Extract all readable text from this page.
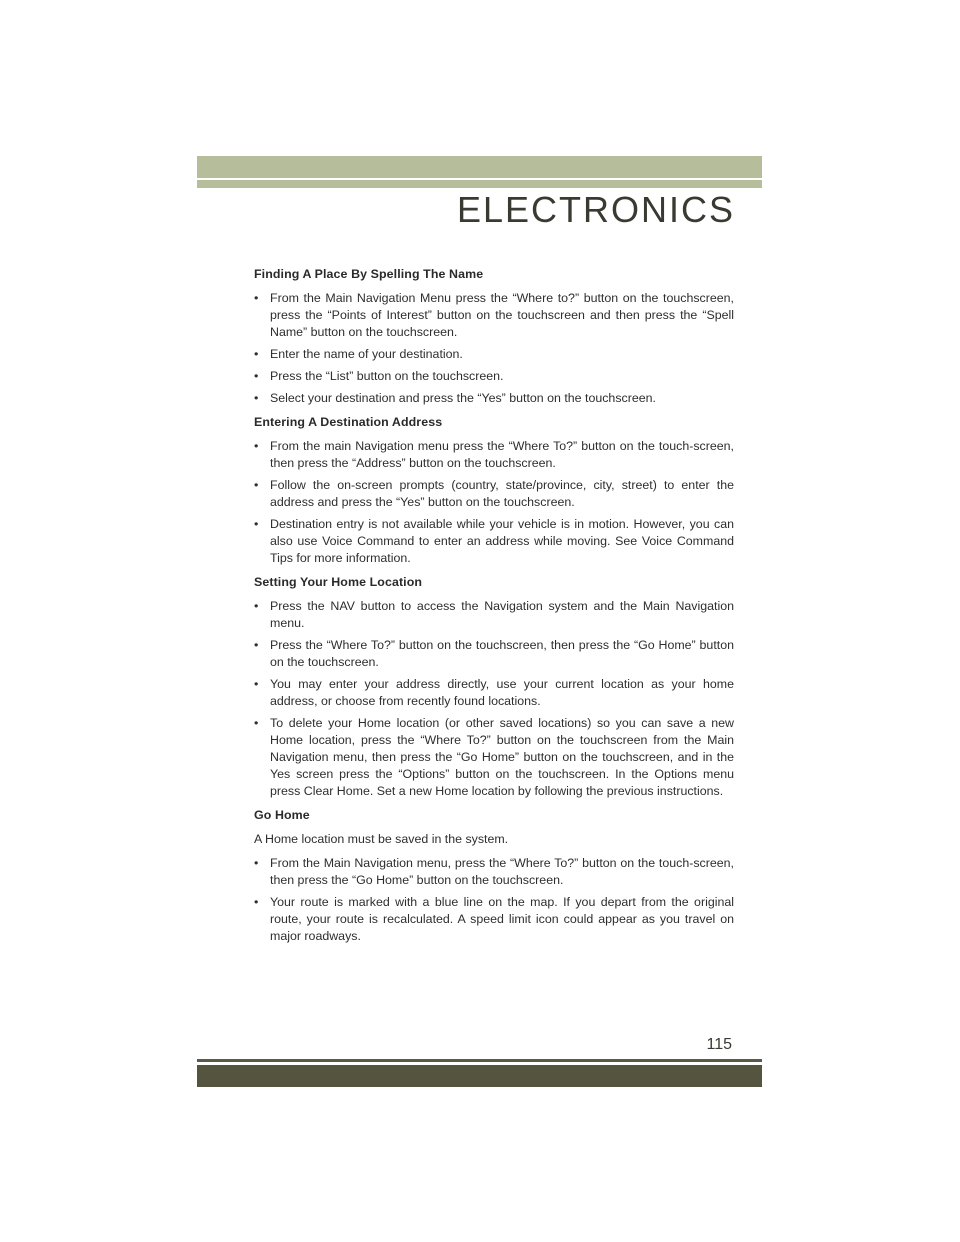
ELECTRONICS
Finding A Place By Spelling The Name
• From the Main Navigation Menu press the “Where to?” button on the touchscreen, press the “Points of Interest” button on the touchscreen and then press the “Spell Name” button on the touchscreen.
• Enter the name of your destination.
• Press the “List” button on the touchscreen.
• Select your destination and press the “Yes” button on the touchscreen.
Entering A Destination Address
• From the main Navigation menu press the “Where To?” button on the touch-screen, then press the “Address” button on the touchscreen.
• Follow the on-screen prompts (country, state/province, city, street) to enter the address and press the “Yes” button on the touchscreen.
• Destination entry is not available while your vehicle is in motion. However, you can also use Voice Command to enter an address while moving. See Voice Command Tips for more information.
Setting Your Home Location
• Press the NAV button to access the Navigation system and the Main Navigation menu.
• Press the “Where To?” button on the touchscreen, then press the “Go Home” button on the touchscreen.
• You may enter your address directly, use your current location as your home address, or choose from recently found locations.
• To delete your Home location (or other saved locations) so you can save a new Home location, press the “Where To?” button on the touchscreen from the Main Navigation menu, then press the “Go Home” button on the touchscreen, and in the Yes screen press the “Options” button on the touchscreen. In the Options menu press Clear Home. Set a new Home location by following the previous instructions.
Go Home

A Home location must be saved in the system.

• From the Main Navigation menu, press the “Where To?” button on the touch-screen, then press the “Go Home” button on the touchscreen.
• Your route is marked with a blue line on the map. If you depart from the original route, your route is recalculated. A speed limit icon could appear as you travel on major roadways.

115
